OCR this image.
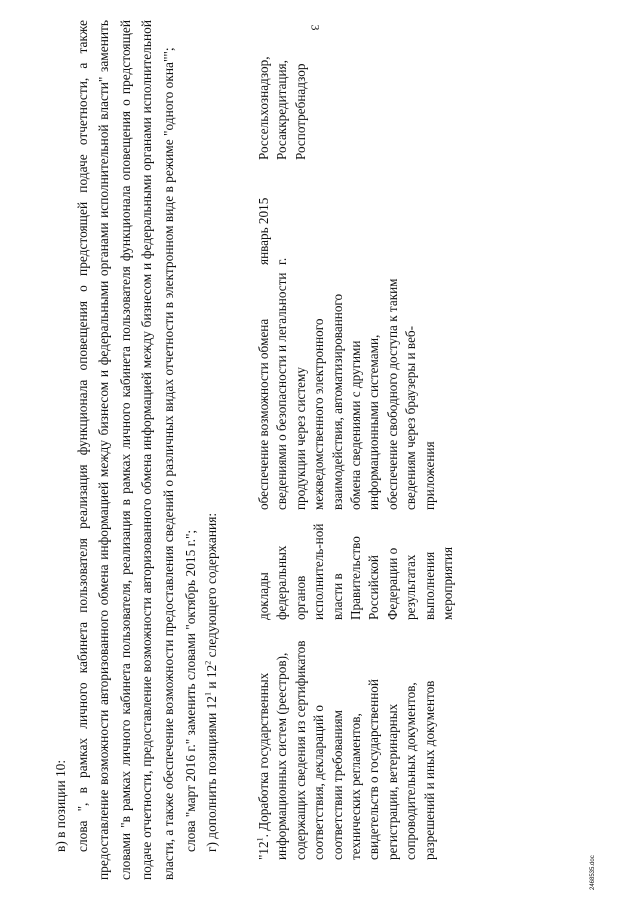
3

в) в позиции 10: слова ", в рамках личного кабинета пользователя реализация функционала оповещения о предстоящей подаче отчетности, а также предоставление возможности авторизованного обмена информацией между бизнесом и федеральными органами исполнительной власти" заменить словами "в рамках личного кабинета пользователя, реализация в рамках личного кабинета пользователя функционала оповещения о предстоящей подаче отчетности, предоставление возможности авторизованного обмена информацией между бизнесом и федеральными органами исполнительной власти, а также обеспечение возможности предоставления сведений о различных видах отчетности в электронном виде в режиме "одного окна""; слова "март 2016 г." заменить словами "октябрь 2015 г."; г) дополнить позициями $12^1$ и $12^2$ следующего содержания:

"$12^1$. Доработка государственных информационных систем (реестров), содержащих сведения из сертификатов соответствия, деклараций о соответствии требованиям технических регламентов, свидетельств о государственной регистрации, ветеринарных сопроводительных документов, разрешений и иных документов
доклады федеральных органов исполнитель-ной власти в Правительство Российской Федерации о результатах выполнения мероприятия
обеспечение возможности обмена сведениями о безопасности и легальности продукции через систему межведомственного электронного взаимодействия, автоматизированного обмена сведениями с другими информационными системами, обеспечение свободного доступа к таким сведениям через браузеры и веб-приложения
январь 2015 г.
Россельхознадзор, Росаккредитация, Роспотребнадзор
2468535.doc
